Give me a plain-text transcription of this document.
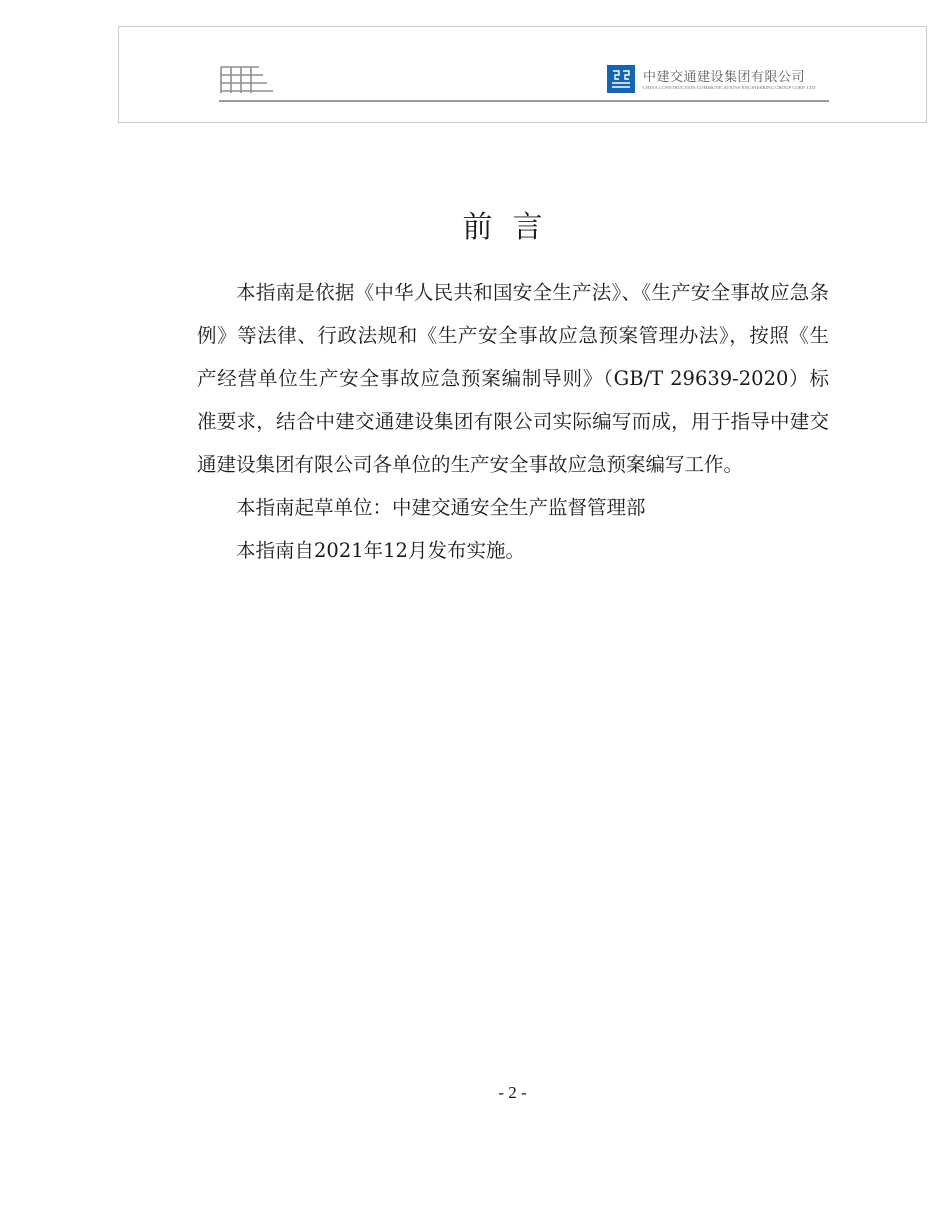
中建交通建设集团有限公司
CHINA CONSTRUCTION COMMUNICATIONS ENGINEERING GROUP CORP. LTD
前言

本指南是依据《中华人民共和国安全生产法》、《生产安全事故应急条例》等法律、行政法规和《生产安全事故应急预案管理办法》，按照《生产经营单位生产安全事故应急预案编制导则》（GB/T 29639-2020）标准要求，结合中建交通建设集团有限公司实际编写而成，用于指导中建交通建设集团有限公司各单位的生产安全事故应急预案编写工作。

本指南起草单位：中建交通安全生产监督管理部

本指南自2021年12月发布实施。

- 2 -
